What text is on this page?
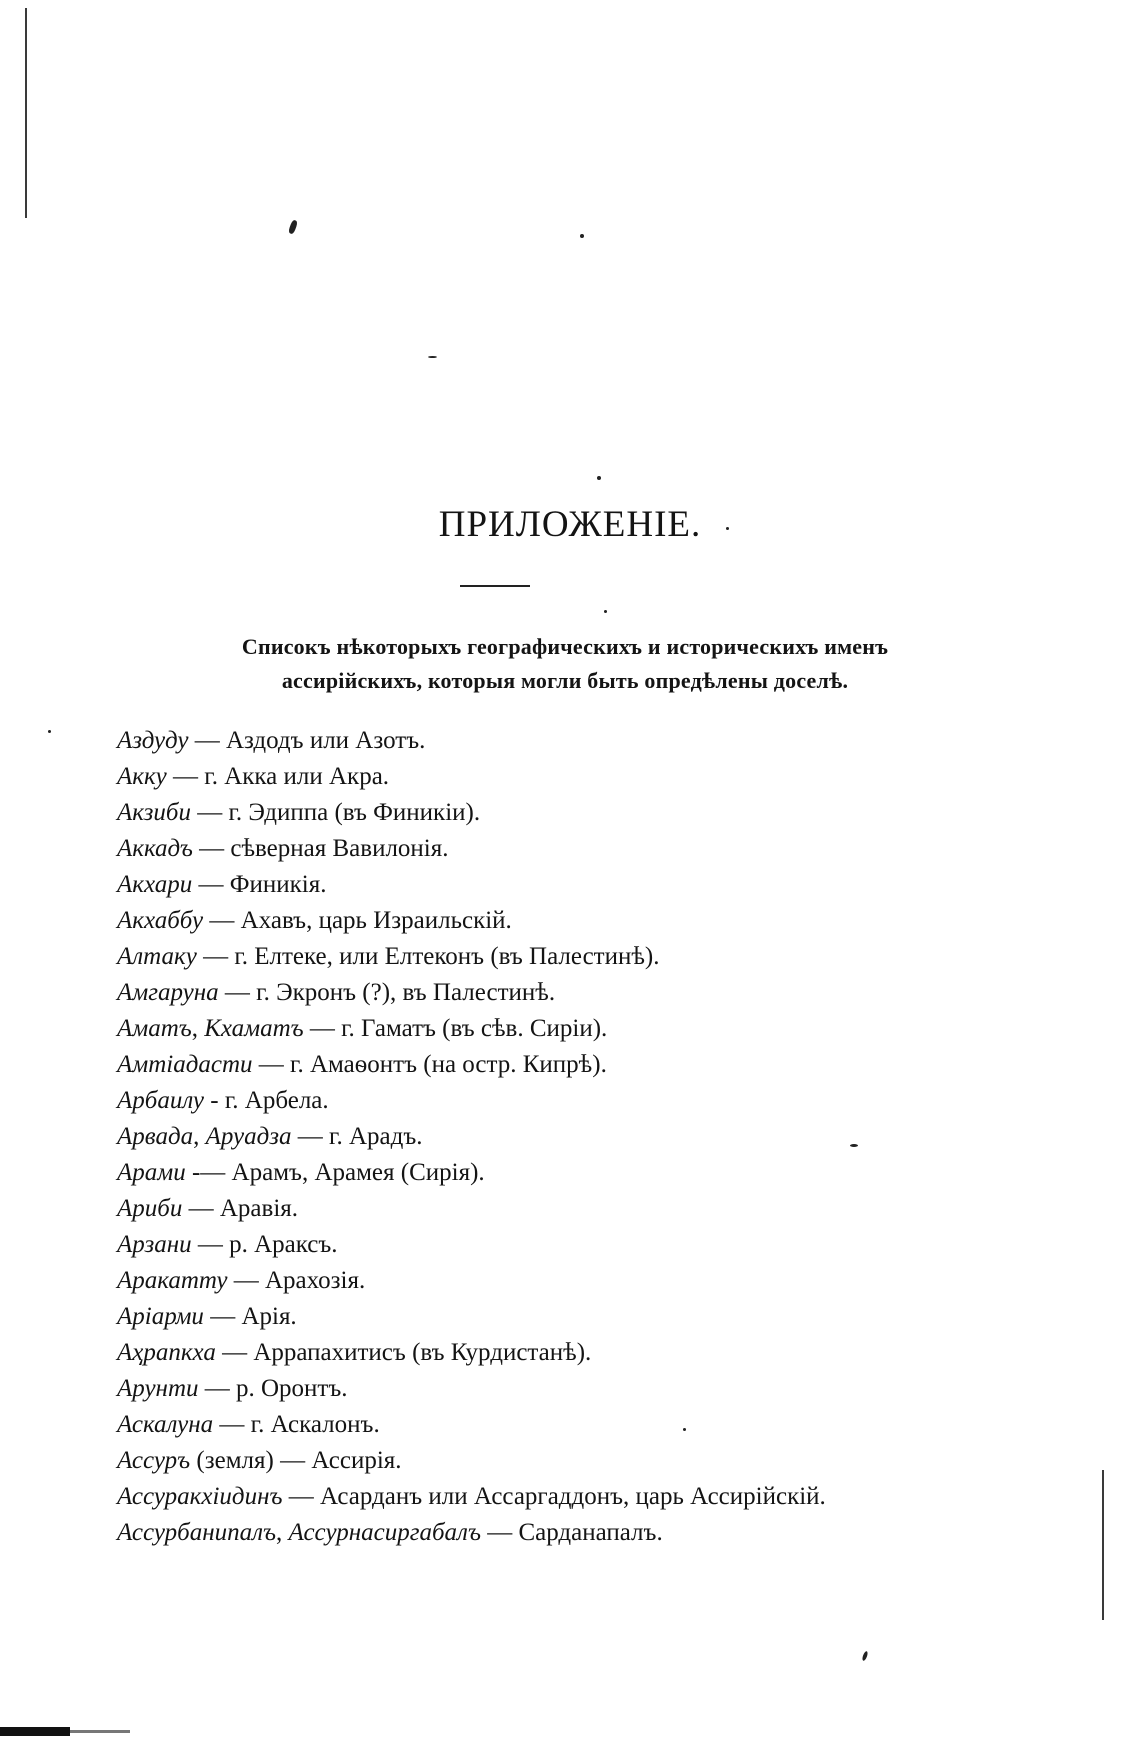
ПРИЛОЖЕНІЕ.
Списокъ нѣкоторыхъ географическихъ и историческихъ именъ
ассирійскихъ, которыя могли быть опредѣлены доселѣ.
Аздуду — Аздодъ или Азотъ.
Акку — г. Акка или Акра.
Акзиби — г. Эдиппа (въ Финикіи).
Аккадъ — сѣверная Вавилонія.
Акхари — Финикія.
Акхаббу — Ахавъ, царь Израильскій.
Алтаку — г. Елтеке, или Елтеконъ (въ Палестинѣ).
Амгаруна — г. Экронъ (?), въ Палестинѣ.
Аматъ, Кхаматъ — г. Гаматъ (въ сѣв. Сиріи).
Амтіадасти — г. Амаѳонтъ (на остр. Кипрѣ).
Арбаилу - г. Арбела.
Арвада, Аруадза — г. Арадъ.
Арами -— Арамъ, Арамея (Сирія).
Ариби — Аравія.
Арзани — р. Араксъ.
Аракатту — Арахозія.
Аріарми — Арія.
Аҳрапкха — Аррапахитисъ (въ Курдистанѣ).
Арунти — р. Оронтъ.
Аскалуна — г. Аскалонъ.
Ассуръ (земля) — Ассирія.
Ассуракхіидинъ — Асарданъ или Ассаргаддонъ, царь Ассирійскій.
Ассурбанипалъ, Ассурнасиргабалъ — Сарданапалъ.
